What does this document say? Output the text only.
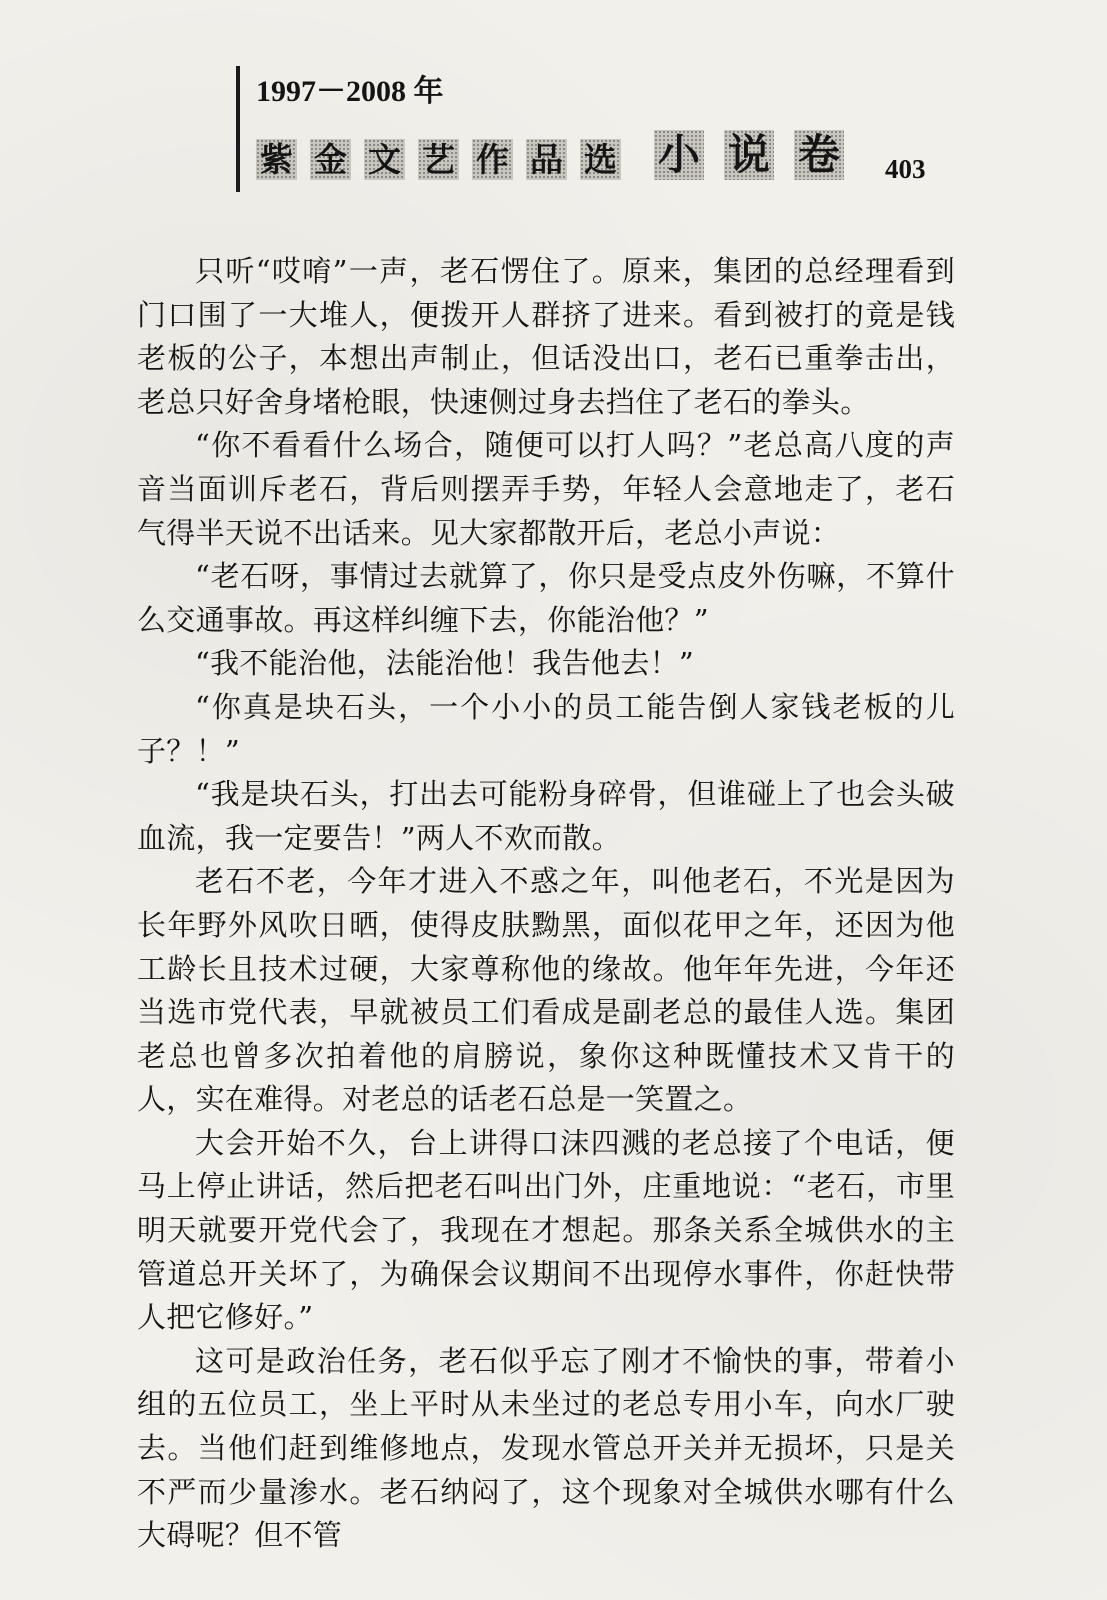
1997－2008 年
紫 金 文 艺 作 品 选 小 说 卷 403

只听“哎唷”一声，老石愣住了。原来，集团的总经理看到门口围了一大堆人，便拨开人群挤了进来。看到被打的竟是钱老板的公子，本想出声制止，但话没出口，老石已重拳击出，老总只好舍身堵枪眼，快速侧过身去挡住了老石的拳头。

“你不看看什么场合，随便可以打人吗？”老总高八度的声音当面训斥老石，背后则摆弄手势，年轻人会意地走了，老石气得半天说不出话来。见大家都散开后，老总小声说：

“老石呀，事情过去就算了，你只是受点皮外伤嘛，不算什么交通事故。再这样纠缠下去，你能治他？”

“我不能治他，法能治他！我告他去！”

“你真是块石头，一个小小的员工能告倒人家钱老板的儿子？！”

“我是块石头，打出去可能粉身碎骨，但谁碰上了也会头破血流，我一定要告！”两人不欢而散。

老石不老，今年才进入不惑之年，叫他老石，不光是因为长年野外风吹日晒，使得皮肤黝黑，面似花甲之年，还因为他工龄长且技术过硬，大家尊称他的缘故。他年年先进，今年还当选市党代表，早就被员工们看成是副老总的最佳人选。集团老总也曾多次拍着他的肩膀说，象你这种既懂技术又肯干的人，实在难得。对老总的话老石总是一笑置之。

大会开始不久，台上讲得口沫四溅的老总接了个电话，便马上停止讲话，然后把老石叫出门外，庄重地说：“老石，市里明天就要开党代会了，我现在才想起。那条关系全城供水的主管道总开关坏了，为确保会议期间不出现停水事件，你赶快带人把它修好。”

这可是政治任务，老石似乎忘了刚才不愉快的事，带着小组的五位员工，坐上平时从未坐过的老总专用小车，向水厂驶去。当他们赶到维修地点，发现水管总开关并无损坏，只是关不严而少量渗水。老石纳闷了，这个现象对全城供水哪有什么大碍呢？但不管
